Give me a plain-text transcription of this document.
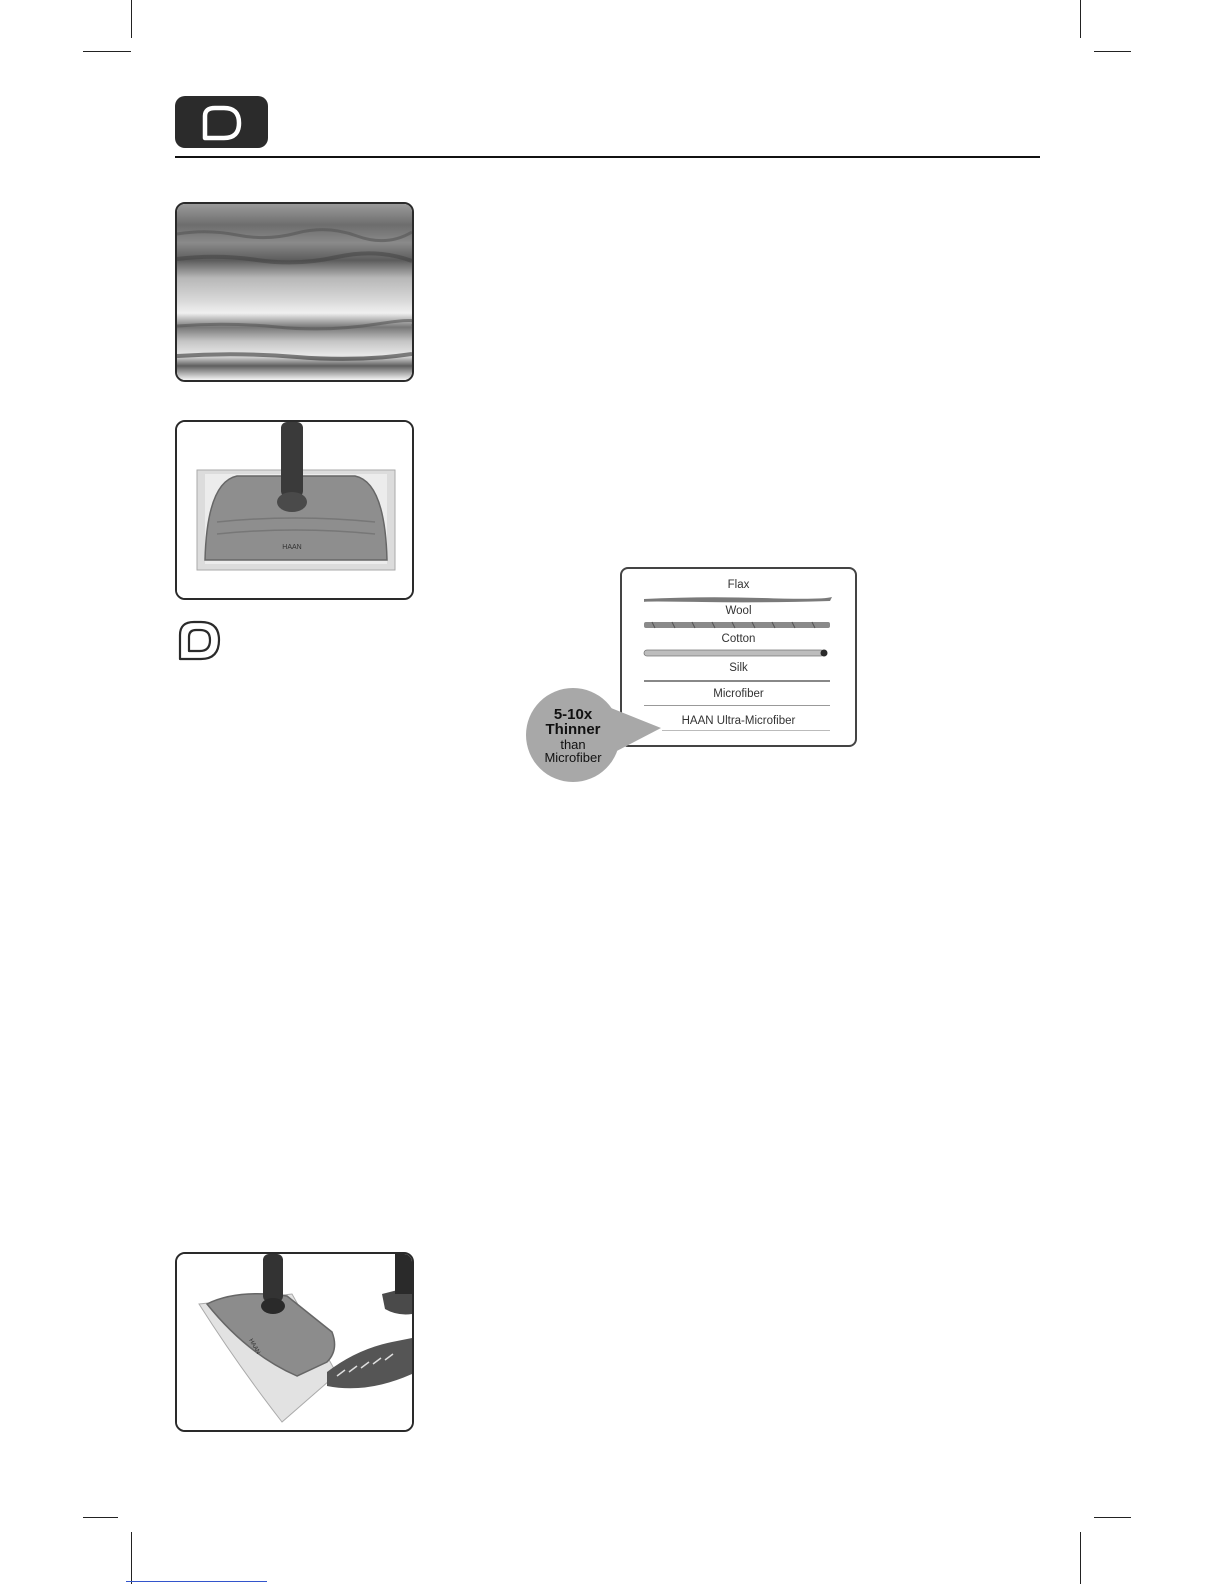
HAAN
Flax
Wool
Cotton
Silk
Microfiber
HAAN Ultra-Microfiber
5-10x
Thinner
than
Microfiber
HAAN
